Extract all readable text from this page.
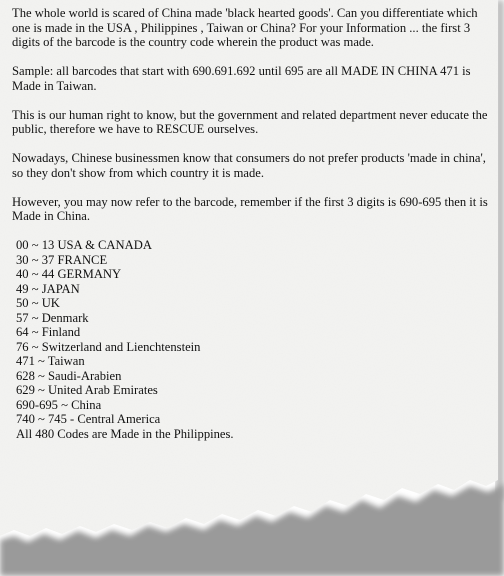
The whole world is scared of China made 'black hearted goods'. Can you differentiate which one is made in the USA , Philippines , Taiwan or China? For your Information ... the first 3 digits of the barcode is the country code wherein the product was made.

Sample: all barcodes that start with 690.691.692 until 695 are all MADE IN CHINA 471 is Made in Taiwan.

This is our human right to know, but the government and related department never educate the public, therefore we have to RESCUE ourselves.

Nowadays, Chinese businessmen know that consumers do not prefer products 'made in china', so they don't show from which country it is made.

However, you may now refer to the barcode, remember if the first 3 digits is 690-695 then it is Made in China.

00 ~ 13 USA & CANADA
30 ~ 37 FRANCE
40 ~ 44 GERMANY
49 ~ JAPAN
50 ~ UK
57 ~ Denmark
64 ~ Finland
76 ~ Switzerland and Lienchtenstein
471 ~ Taiwan
628 ~ Saudi-Arabien
629 ~ United Arab Emirates
690-695 ~ China
740 ~ 745 - Central America
All 480 Codes are Made in the Philippines.
